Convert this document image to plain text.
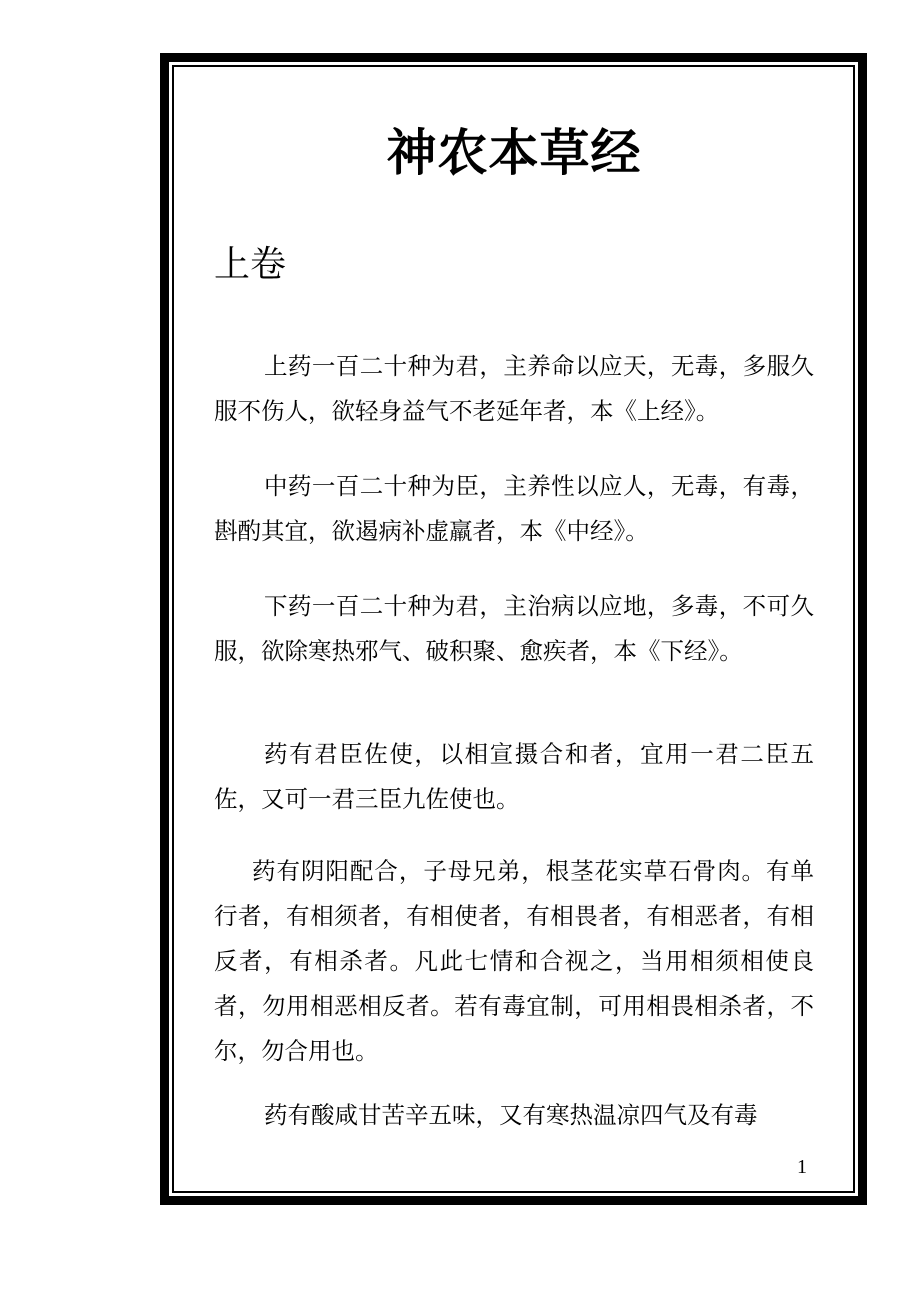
神农本草经
上卷

上药一百二十种为君，主养命以应天，无毒，多服久服不伤人，欲轻身益气不老延年者，本《上经》。

中药一百二十种为臣，主养性以应人，无毒，有毒，斟酌其宜，欲遏病补虚羸者，本《中经》。

下药一百二十种为君，主治病以应地，多毒，不可久服，欲除寒热邪气、破积聚、愈疾者，本《下经》。

药有君臣佐使，以相宣摄合和者，宜用一君二臣五佐，又可一君三臣九佐使也。

药有阴阳配合，子母兄弟，根茎花实草石骨肉。有单行者，有相须者，有相使者，有相畏者，有相恶者，有相反者，有相杀者。凡此七情和合视之，当用相须相使良者，勿用相恶相反者。若有毒宜制，可用相畏相杀者，不尔，勿合用也。

药有酸咸甘苦辛五味，又有寒热温凉四气及有毒

1
